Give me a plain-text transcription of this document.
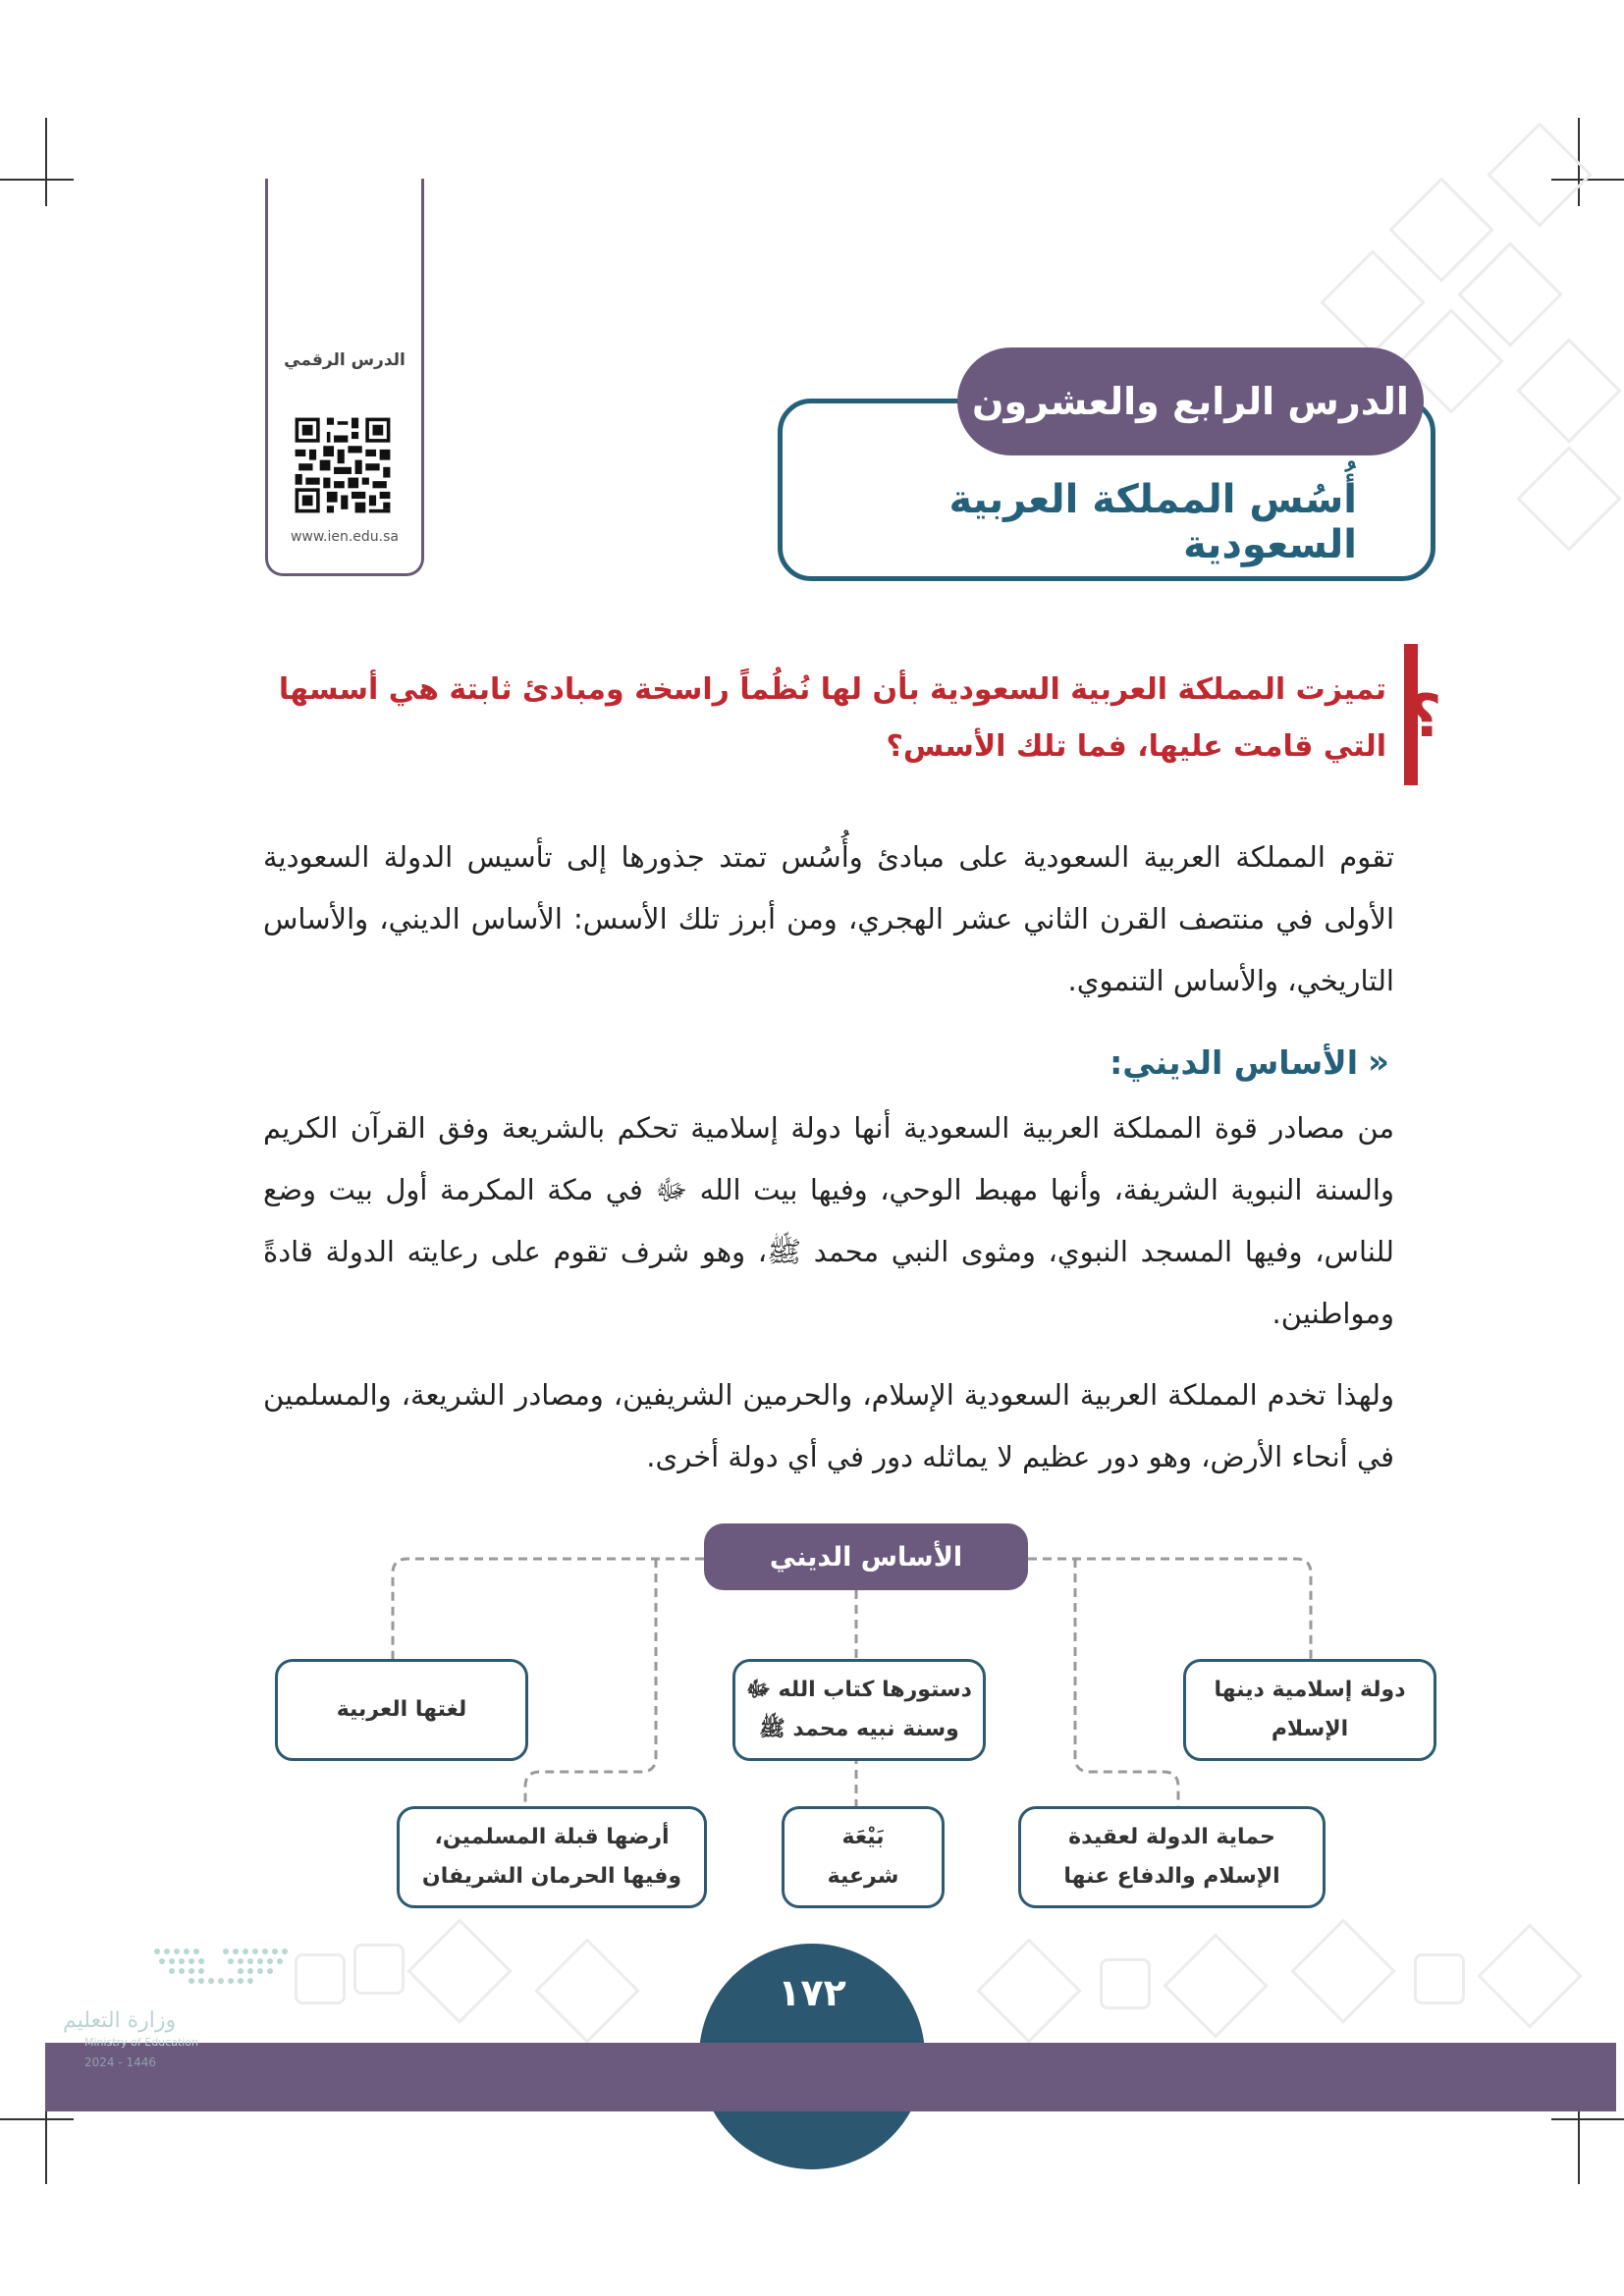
الدرس الرقمي
www.ien.edu.sa
الدرس الرابع والعشرون
أُسُس المملكة العربية السعودية
؟
تميزت المملكة العربية السعودية بأن لها نُظُماً راسخة ومبادئ ثابتة هي أسسها التي قامت عليها، فما تلك الأسس؟
تقوم المملكة العربية السعودية على مبادئ وأُسُس تمتد جذورها إلى تأسيس الدولة السعودية الأولى في منتصف القرن الثاني عشر الهجري، ومن أبرز تلك الأسس: الأساس الديني، والأساس التاريخي، والأساس التنموي.
«
الأساس الديني:
من مصادر قوة المملكة العربية السعودية أنها دولة إسلامية تحكم بالشريعة وفق القرآن الكريم والسنة النبوية الشريفة، وأنها مهبط الوحي، وفيها بيت الله ﷻ في مكة المكرمة أول بيت وضع للناس، وفيها المسجد النبوي، ومثوى النبي محمد ﷺ، وهو شرف تقوم على رعايته الدولة قادةً ومواطنين.
ولهذا تخدم المملكة العربية السعودية الإسلام، والحرمين الشريفين، ومصادر الشريعة، والمسلمين في أنحاء الأرض، وهو دور عظيم لا يماثله دور في أي دولة أخرى.
الأساس الديني
دولة إسلامية دينها
الإسلام
دستورها كتاب الله ﷻ
وسنة نبيه محمد ﷺ
لغتها العربية
حماية الدولة لعقيدة
الإسلام والدفاع عنها
بَيْعَة
شرعية
أرضها قبلة المسلمين،
وفيها الحرمان الشريفان
١٧٢
وزارة التعليم
Ministry of Education
2024 - 1446
